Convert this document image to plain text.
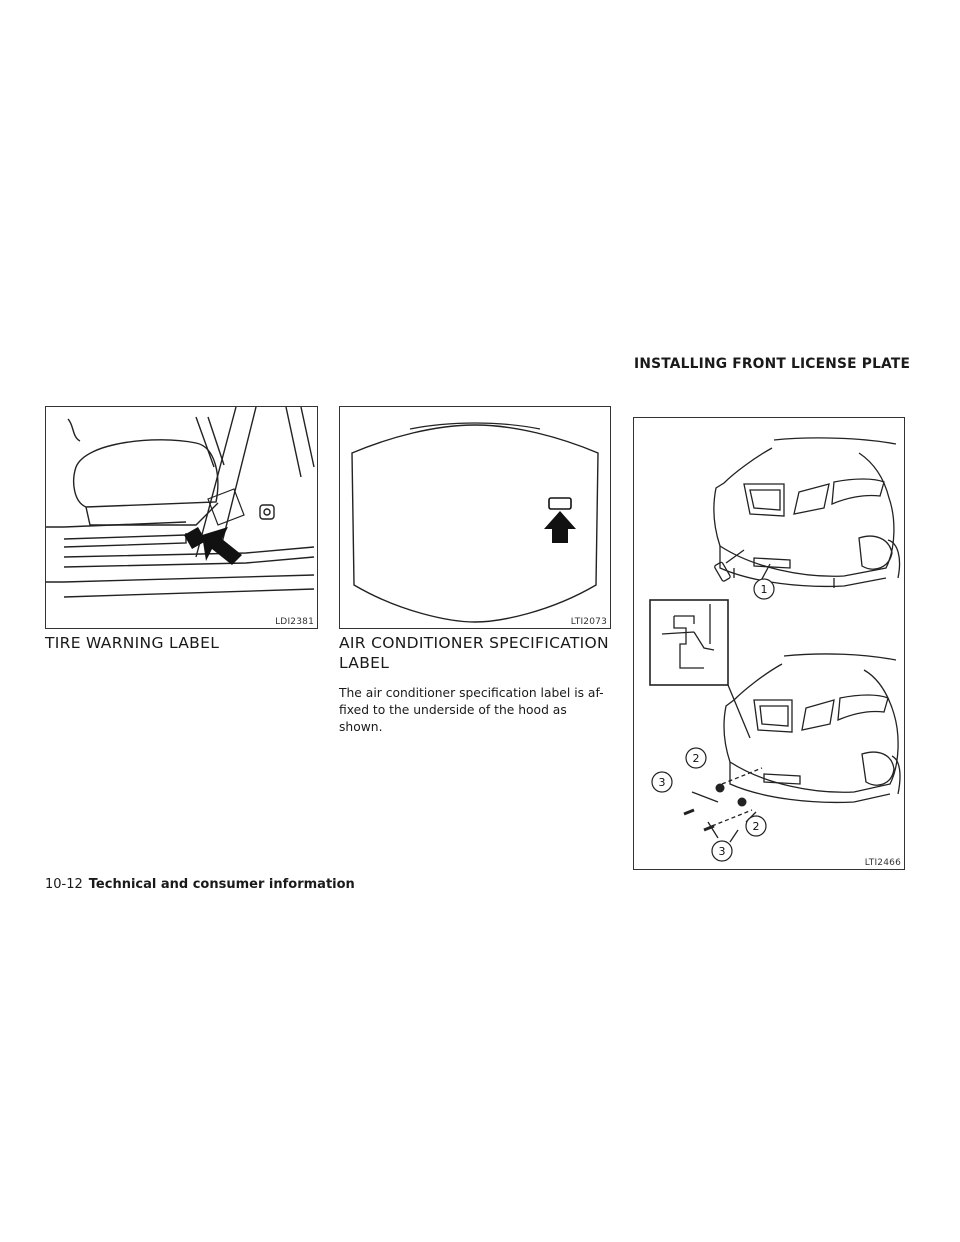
INSTALLING FRONT LICENSE PLATE
LDI2381	LTI2073
TIRE WARNING LABEL	AIR CONDITIONER SPECIFICATION
LABEL

The air conditioner specification label is af-
fixed to the underside of the hood as
shown.

1
2
2
3
3
LTI2466
10-12 Technical and consumer information
